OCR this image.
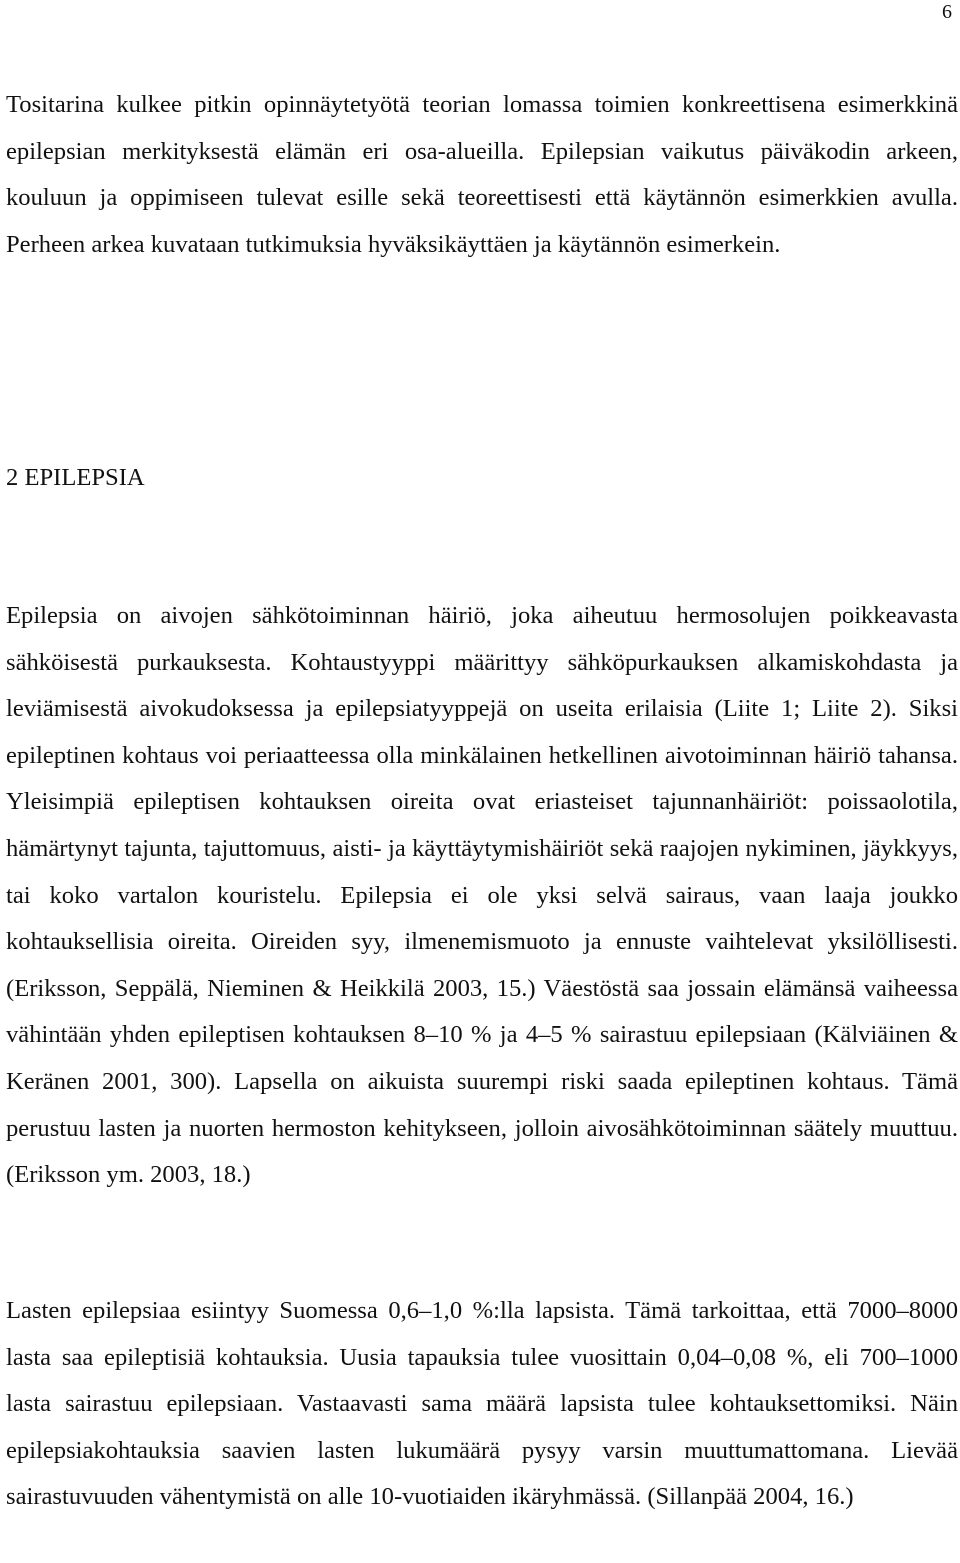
6

Tositarina kulkee pitkin opinnäytetyötä teorian lomassa toimien konkreettisena esimerkkinä epilepsian merkityksestä elämän eri osa-alueilla. Epilepsian vaikutus päiväkodin arkeen, kouluun ja oppimiseen tulevat esille sekä teoreettisesti että käytännön esimerkkien avulla. Perheen arkea kuvataan tutkimuksia hyväksikäyttäen ja käytännön esimerkein.

2 EPILEPSIA

Epilepsia on aivojen sähkötoiminnan häiriö, joka aiheutuu hermosolujen poikkeavasta sähköisestä purkauksesta. Kohtaustyyppi määrittyy sähköpurkauksen alkamiskohdasta ja leviämisestä aivokudoksessa ja epilepsiatyyppejä on useita erilaisia (Liite 1; Liite 2). Siksi epileptinen kohtaus voi periaatteessa olla minkälainen hetkellinen aivotoiminnan häiriö tahansa. Yleisimpiä epileptisen kohtauksen oireita ovat eriasteiset tajunnanhäiriöt: poissaolotila, hämärtynyt tajunta, tajuttomuus, aisti- ja käyttäytymishäiriöt sekä raajojen nykiminen, jäykkyys, tai koko vartalon kouristelu. Epilepsia ei ole yksi selvä sairaus, vaan laaja joukko kohtauksellisia oireita. Oireiden syy, ilmenemismuoto ja ennuste vaihtelevat yksilöllisesti. (Eriksson, Seppälä, Nieminen & Heikkilä 2003, 15.) Väestöstä saa jossain elämänsä vaiheessa vähintään yhden epileptisen kohtauksen 8–10 % ja 4–5 % sairastuu epilepsiaan (Kälviäinen & Keränen 2001, 300). Lapsella on aikuista suurempi riski saada epileptinen kohtaus. Tämä perustuu lasten ja nuorten hermoston kehitykseen, jolloin aivosähkötoiminnan säätely muuttuu. (Eriksson ym. 2003, 18.)

Lasten epilepsiaa esiintyy Suomessa 0,6–1,0 %:lla lapsista. Tämä tarkoittaa, että 7000–8000 lasta saa epileptisiä kohtauksia. Uusia tapauksia tulee vuosittain 0,04–0,08 %, eli 700–1000 lasta sairastuu epilepsiaan. Vastaavasti sama määrä lapsista tulee kohtauksettomiksi. Näin epilepsiakohtauksia saavien lasten lukumäärä pysyy varsin muuttumattomana. Lievää sairastuvuuden vähentymistä on alle 10-vuotiaiden ikäryhmässä. (Sillanpää 2004, 16.)
